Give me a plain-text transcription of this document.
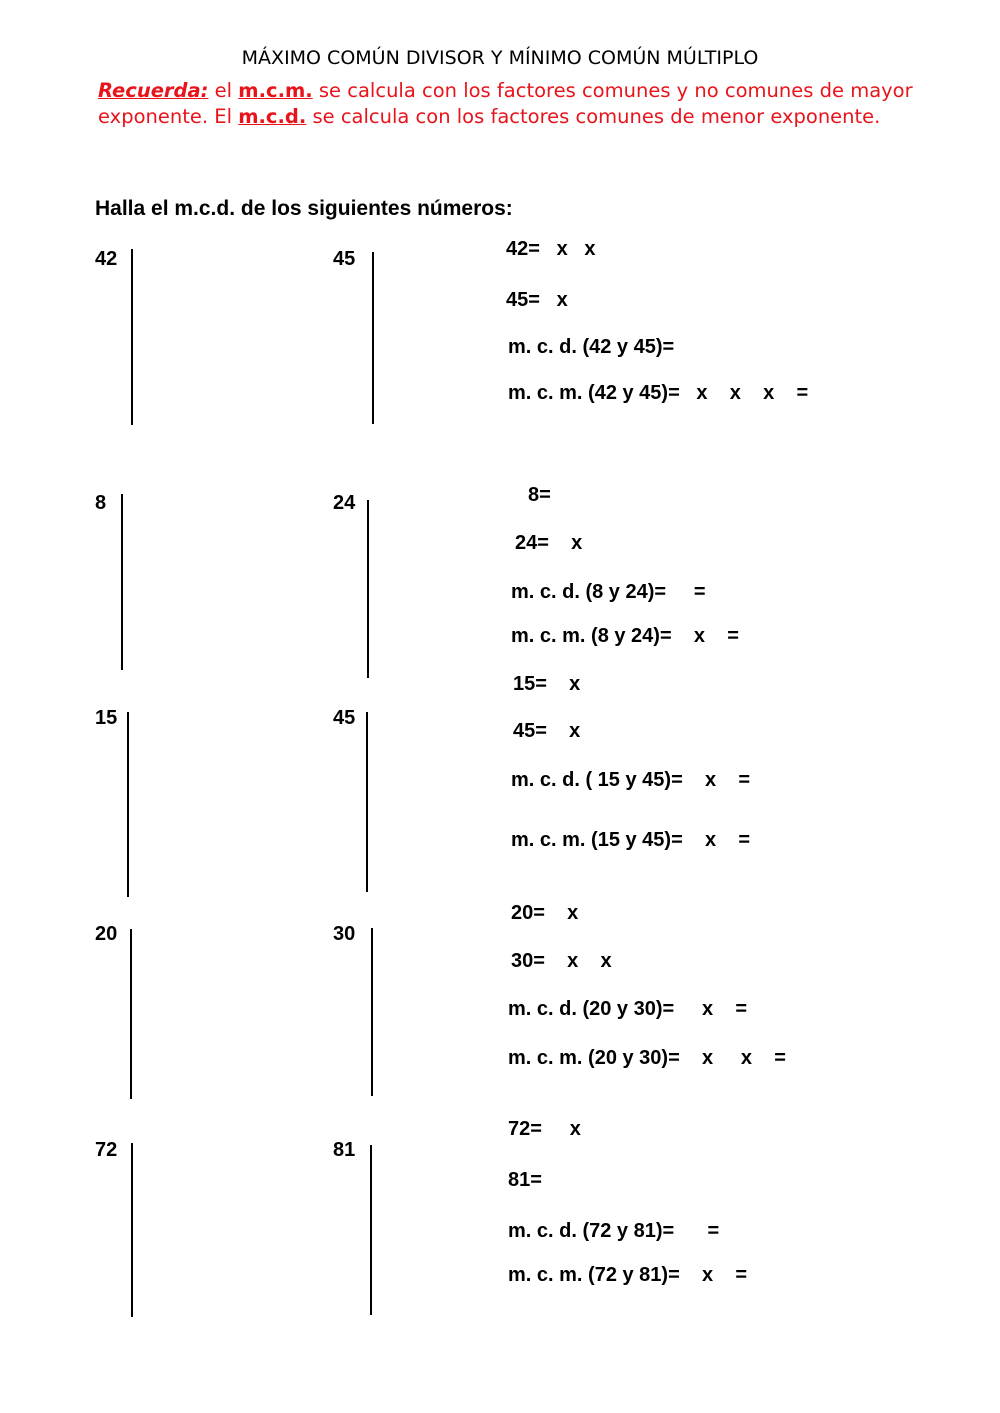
MÁXIMO COMÚN DIVISOR Y MÍNIMO COMÚN MÚLTIPLO
Recuerda: el m.c.m. se calcula con los factores comunes y no comunes de mayor
exponente. El m.c.d. se calcula con los factores comunes de menor exponente.
Halla el m.c.d. de los siguientes números:
42	45	42=   x   x
45=   x
m. c. d. (42 y 45)=
m. c. m. (42 y 45)=   x    x    x    =
8	24	8=
24=    x
m. c. d. (8 y 24)=     =
m. c. m. (8 y 24)=    x    =
15	45
15=    x
45=    x
m. c. d. ( 15 y 45)=    x    =
m. c. m. (15 y 45)=    x    =
20	30
20=    x
30=    x    x
m. c. d. (20 y 30)=     x    =
m. c. m. (20 y 30)=    x     x    =
72	81
72=     x
81=
m. c. d. (72 y 81)=      =
m. c. m. (72 y 81)=    x    =
